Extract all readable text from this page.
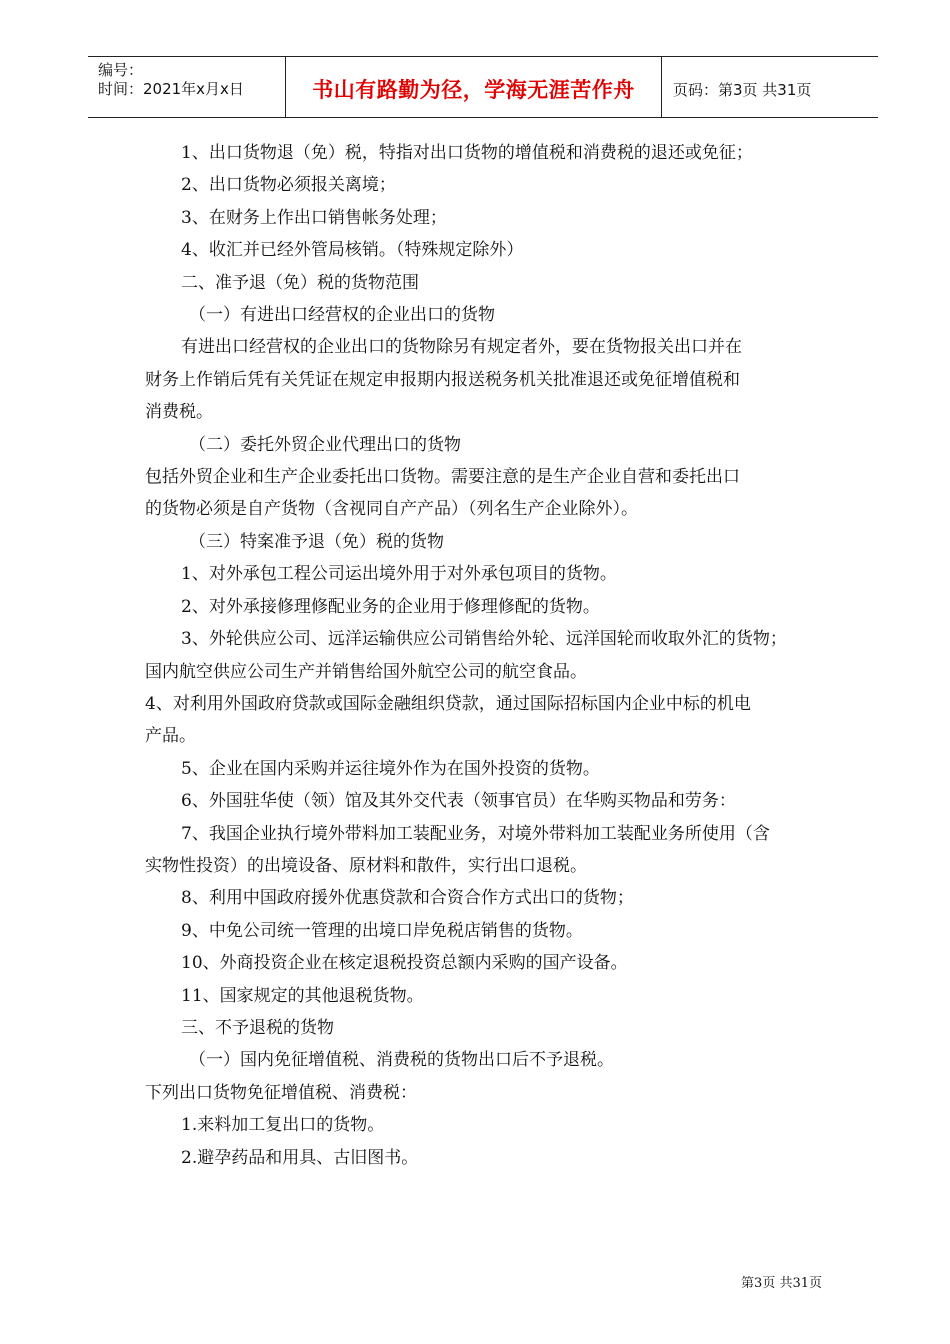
编号：
时间：2021年x月x日	书山有路勤为径，学海无涯苦作舟	页码：第3页 共31页

1、出口货物退（免）税，特指对出口货物的增值税和消费税的退还或免征；

2、出口货物必须报关离境；

3、在财务上作出口销售帐务处理；

4、收汇并已经外管局核销。（特殊规定除外）

二、准予退（免）税的货物范围

（一）有进出口经营权的企业出口的货物

有进出口经营权的企业出口的货物除另有规定者外，要在货物报关出口并在

财务上作销后凭有关凭证在规定申报期内报送税务机关批准退还或免征增值税和

消费税。

（二）委托外贸企业代理出口的货物

包括外贸企业和生产企业委托出口货物。需要注意的是生产企业自营和委托出口

的货物必须是自产货物（含视同自产产品）（列名生产企业除外）。

（三）特案准予退（免）税的货物

1、对外承包工程公司运出境外用于对外承包项目的货物。

2、对外承接修理修配业务的企业用于修理修配的货物。

3、外轮供应公司、远洋运输供应公司销售给外轮、远洋国轮而收取外汇的货物；

国内航空供应公司生产并销售给国外航空公司的航空食品。

4、对利用外国政府贷款或国际金融组织贷款，通过国际招标国内企业中标的机电

产品。

5、企业在国内采购并运往境外作为在国外投资的货物。

6、外国驻华使（领）馆及其外交代表（领事官员）在华购买物品和劳务：

7、我国企业执行境外带料加工装配业务，对境外带料加工装配业务所使用（含

实物性投资）的出境设备、原材料和散件，实行出口退税。

8、利用中国政府援外优惠贷款和合资合作方式出口的货物；

9、中免公司统一管理的出境口岸免税店销售的货物。

10、外商投资企业在核定退税投资总额内采购的国产设备。

11、国家规定的其他退税货物。

三、不予退税的货物

（一）国内免征增值税、消费税的货物出口后不予退税。

下列出口货物免征增值税、消费税：

1.来料加工复出口的货物。

2.避孕药品和用具、古旧图书。

第3页 共31页
